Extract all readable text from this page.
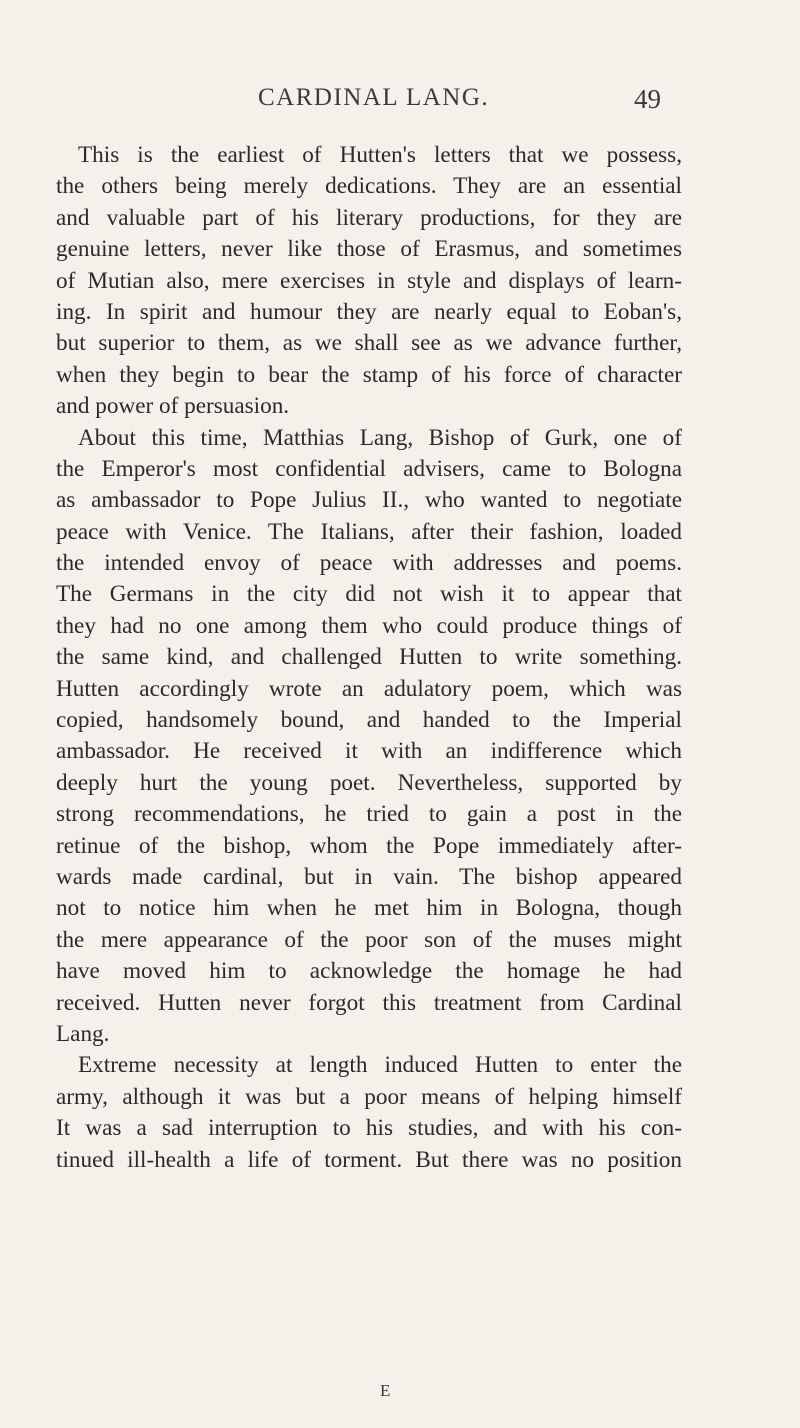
CARDINAL LANG.	49
This is the earliest of Hutten's letters that we possess,
the others being merely dedications. They are an essential
and valuable part of his literary productions, for they are
genuine letters, never like those of Erasmus, and sometimes
of Mutian also, mere exercises in style and displays of learn-
ing. In spirit and humour they are nearly equal to Eoban's,
but superior to them, as we shall see as we advance further,
when they begin to bear the stamp of his force of character
and power of persuasion.
About this time, Matthias Lang, Bishop of Gurk, one of
the Emperor's most confidential advisers, came to Bologna
as ambassador to Pope Julius II., who wanted to negotiate
peace with Venice. The Italians, after their fashion, loaded
the intended envoy of peace with addresses and poems.
The Germans in the city did not wish it to appear that
they had no one among them who could produce things of
the same kind, and challenged Hutten to write something.
Hutten accordingly wrote an adulatory poem, which was
copied, handsomely bound, and handed to the Imperial
ambassador. He received it with an indifference which
deeply hurt the young poet. Nevertheless, supported by
strong recommendations, he tried to gain a post in the
retinue of the bishop, whom the Pope immediately after-
wards made cardinal, but in vain. The bishop appeared
not to notice him when he met him in Bologna, though
the mere appearance of the poor son of the muses might
have moved him to acknowledge the homage he had
received. Hutten never forgot this treatment from Cardinal
Lang.
Extreme necessity at length induced Hutten to enter the
army, although it was but a poor means of helping himself
It was a sad interruption to his studies, and with his con-
tinued ill-health a life of torment. But there was no position
E
